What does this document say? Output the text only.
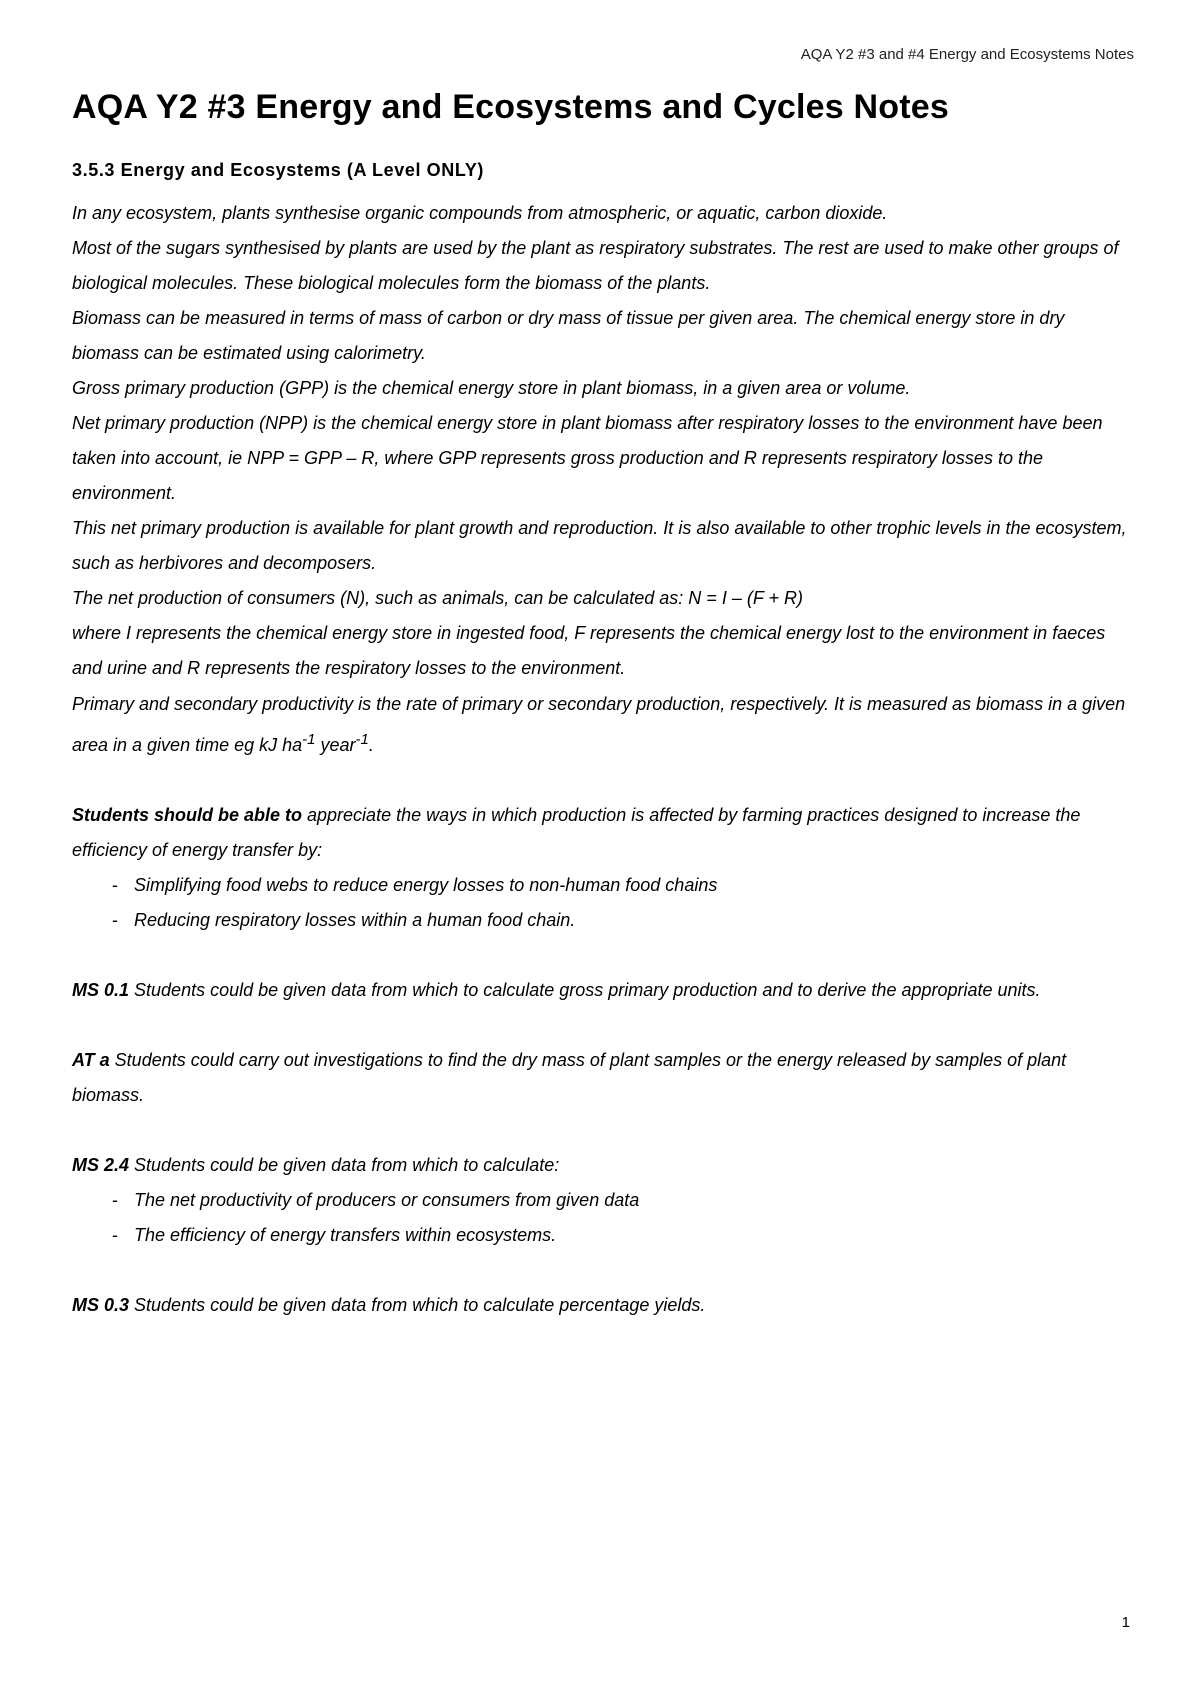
AQA Y2 #3 and #4 Energy and Ecosystems Notes
AQA Y2 #3 Energy and Ecosystems and Cycles Notes
3.5.3 Energy and Ecosystems (A Level ONLY)

In any ecosystem, plants synthesise organic compounds from atmospheric, or aquatic, carbon dioxide.

Most of the sugars synthesised by plants are used by the plant as respiratory substrates. The rest are used to make other groups of biological molecules. These biological molecules form the biomass of the plants.

Biomass can be measured in terms of mass of carbon or dry mass of tissue per given area. The chemical energy store in dry biomass can be estimated using calorimetry.

Gross primary production (GPP) is the chemical energy store in plant biomass, in a given area or volume.

Net primary production (NPP) is the chemical energy store in plant biomass after respiratory losses to the environment have been taken into account, ie NPP = GPP – R, where GPP represents gross production and R represents respiratory losses to the environment.

This net primary production is available for plant growth and reproduction. It is also available to other trophic levels in the ecosystem, such as herbivores and decomposers.

The net production of consumers (N), such as animals, can be calculated as: N = I – (F + R)

where I represents the chemical energy store in ingested food, F represents the chemical energy lost to the environment in faeces and urine and R represents the respiratory losses to the environment.

Primary and secondary productivity is the rate of primary or secondary production, respectively. It is measured as biomass in a given area in a given time eg kJ $ha^{-1}$ year$^{-1}$.

Students should be able to appreciate the ways in which production is affected by farming practices designed to increase the efficiency of energy transfer by:

- Simplifying food webs to reduce energy losses to non-human food chains
- Reducing respiratory losses within a human food chain.

MS 0.1 Students could be given data from which to calculate gross primary production and to derive the appropriate units.

AT a Students could carry out investigations to find the dry mass of plant samples or the energy released by samples of plant biomass.

MS 2.4 Students could be given data from which to calculate:

- The net productivity of producers or consumers from given data
- The efficiency of energy transfers within ecosystems.

MS 0.3 Students could be given data from which to calculate percentage yields.

1
